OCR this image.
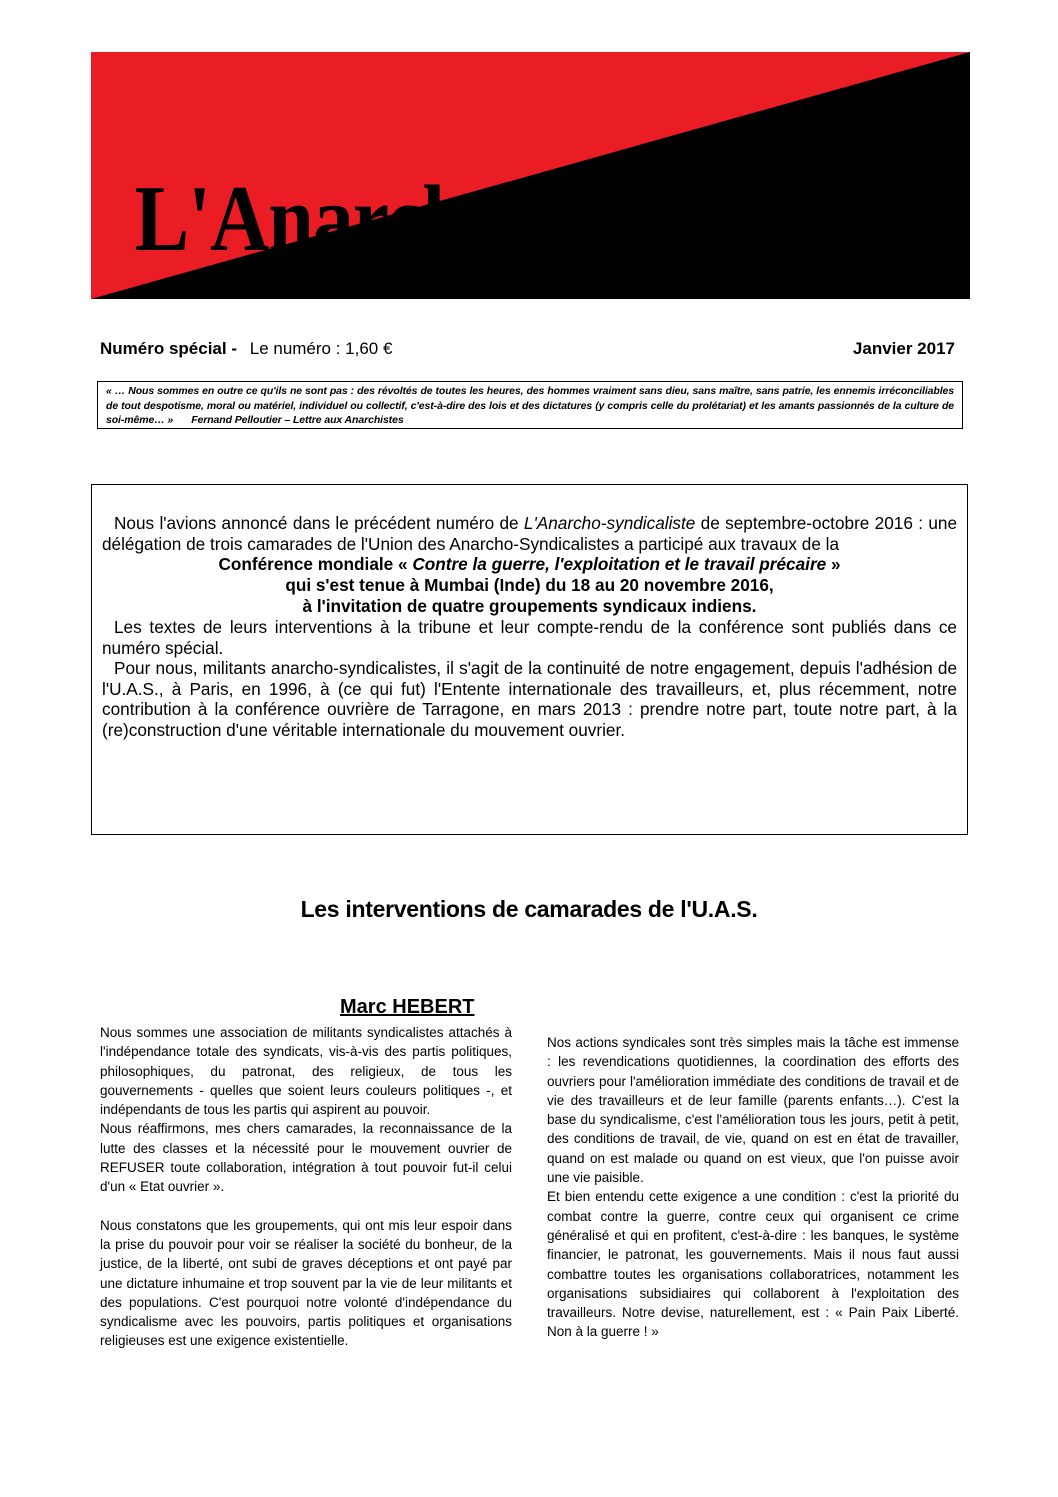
L'Anarcho-syndicaliste
Numéro spécial - Le numéro : 1,60 €	Janvier 2017
« … Nous sommes en outre ce qu'ils ne sont pas : des révoltés de toutes les heures, des hommes vraiment sans dieu, sans maître, sans patrie, les ennemis irréconciliables de tout despotisme, moral ou matériel, individuel ou collectif, c'est-à-dire des lois et des dictatures (y compris celle du prolétariat) et les amants passionnés de la culture de soi-même… » Fernand Pelloutier – Lettre aux Anarchistes

Nous l'avions annoncé dans le précédent numéro de L'Anarcho-syndicaliste de septembre-octobre 2016 : une délégation de trois camarades de l'Union des Anarcho-Syndicalistes a participé aux travaux de la

Conférence mondiale « Contre la guerre, l'exploitation et le travail précaire »

qui s'est tenue à Mumbai (Inde) du 18 au 20 novembre 2016,

à l'invitation de quatre groupements syndicaux indiens.

Les textes de leurs interventions à la tribune et leur compte-rendu de la conférence sont publiés dans ce numéro spécial.

Pour nous, militants anarcho-syndicalistes, il s'agit de la continuité de notre engagement, depuis l'adhésion de l'U.A.S., à Paris, en 1996, à (ce qui fut) l'Entente internationale des travailleurs, et, plus récemment, notre contribution à la conférence ouvrière de Tarragone, en mars 2013 : prendre notre part, toute notre part, à la (re)construction d'une véritable internationale du mouvement ouvrier.

Les interventions de camarades de l'U.A.S.
Marc HEBERT

Nous sommes une association de militants syndicalistes attachés à l'indépendance totale des syndicats, vis-à-vis des partis politiques, philosophiques, du patronat, des religieux, de tous les gouvernements - quelles que soient leurs couleurs politiques -, et indépendants de tous les partis qui aspirent au pouvoir.

Nous réaffirmons, mes chers camarades, la reconnaissance de la lutte des classes et la nécessité pour le mouvement ouvrier de REFUSER toute collaboration, intégration à tout pouvoir fut-il celui d'un « Etat ouvrier ».

Nous constatons que les groupements, qui ont mis leur espoir dans la prise du pouvoir pour voir se réaliser la société du bonheur, de la justice, de la liberté, ont subi de graves déceptions et ont payé par une dictature inhumaine et trop souvent par la vie de leur militants et des populations. C'est pourquoi notre volonté d'indépendance du syndicalisme avec les pouvoirs, partis politiques et organisations religieuses est une exigence existentielle.

Nos actions syndicales sont très simples mais la tâche est immense : les revendications quotidiennes, la coordination des efforts des ouvriers pour l'amélioration immédiate des conditions de travail et de vie des travailleurs et de leur famille (parents enfants…). C'est la base du syndicalisme, c'est l'amélioration tous les jours, petit à petit, des conditions de travail, de vie, quand on est en état de travailler, quand on est malade ou quand on est vieux, que l'on puisse avoir une vie paisible.

Et bien entendu cette exigence a une condition : c'est la priorité du combat contre la guerre, contre ceux qui organisent ce crime généralisé et qui en profitent, c'est-à-dire : les banques, le système financier, le patronat, les gouvernements. Mais il nous faut aussi combattre toutes les organisations collaboratrices, notamment les organisations subsidiaires qui collaborent à l'exploitation des travailleurs. Notre devise, naturellement, est : « Pain Paix Liberté. Non à la guerre ! »
